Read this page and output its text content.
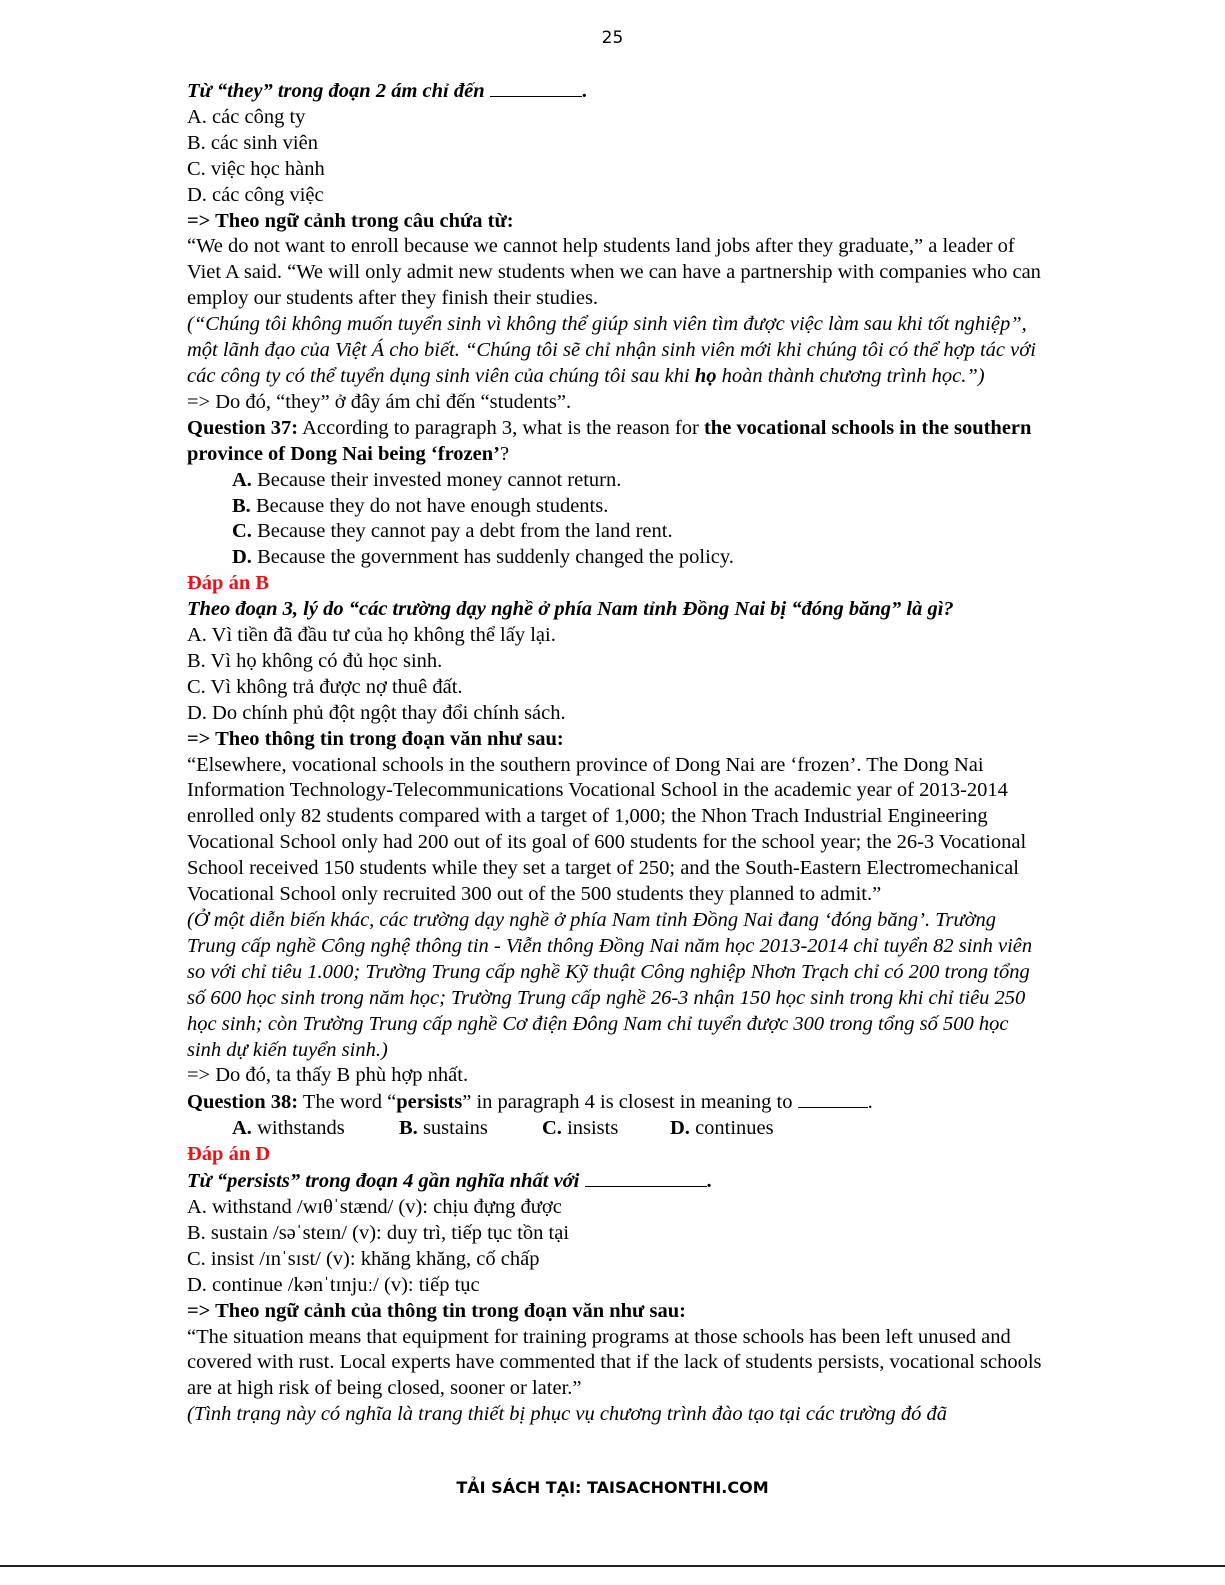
25

Từ “they” trong đoạn 2 ám chỉ đến	.

A. các công ty

B. các sinh viên

C. việc học hành

D. các công việc

=> Theo ngữ cảnh trong câu chứa từ:

“We do not want to enroll because we cannot help students land jobs after they graduate,” a leader of Viet A said. “We will only admit new students when we can have a partnership with companies who can employ our students after they finish their studies.

(“Chúng tôi không muốn tuyển sinh vì không thể giúp sinh viên tìm được việc làm sau khi tốt nghiệp”, một lãnh đạo của Việt Á cho biết. “Chúng tôi sẽ chỉ nhận sinh viên mới khi chúng tôi có thể hợp tác với các công ty có thể tuyển dụng sinh viên của chúng tôi sau khi họ hoàn thành chương trình học.”)

=> Do đó, “they” ở đây ám chỉ đến “students”.

Question 37: According to paragraph 3, what is the reason for the vocational schools in the southern province of Dong Nai being ‘frozen’?

A. Because their invested money cannot return.

B. Because they do not have enough students.

C. Because they cannot pay a debt from the land rent.

D. Because the government has suddenly changed the policy.

Đáp án B

Theo đoạn 3, lý do “các trường dạy nghề ở phía Nam tỉnh Đồng Nai bị “đóng băng” là gì?

A. Vì tiền đã đầu tư của họ không thể lấy lại.

B. Vì họ không có đủ học sinh.

C. Vì không trả được nợ thuê đất.

D. Do chính phủ đột ngột thay đổi chính sách.

=> Theo thông tin trong đoạn văn như sau:

“Elsewhere, vocational schools in the southern province of Dong Nai are ‘frozen’. The Dong Nai Information Technology-Telecommunications Vocational School in the academic year of 2013-2014 enrolled only 82 students compared with a target of 1,000; the Nhon Trach Industrial Engineering Vocational School only had 200 out of its goal of 600 students for the school year; the 26-3 Vocational School received 150 students while they set a target of 250; and the South-Eastern Electromechanical Vocational School only recruited 300 out of the 500 students they planned to admit.”

(Ở một diễn biến khác, các trường dạy nghề ở phía Nam tỉnh Đồng Nai đang ‘đóng băng’. Trường Trung cấp nghề Công nghệ thông tin - Viễn thông Đồng Nai năm học 2013-2014 chỉ tuyển 82 sinh viên so với chỉ tiêu 1.000; Trường Trung cấp nghề Kỹ thuật Công nghiệp Nhơn Trạch chỉ có 200 trong tổng số 600 học sinh trong năm học; Trường Trung cấp nghề 26-3 nhận 150 học sinh trong khi chỉ tiêu 250 học sinh; còn Trường Trung cấp nghề Cơ điện Đông Nam chỉ tuyển được 300 trong tổng số 500 học sinh dự kiến tuyển sinh.)

=> Do đó, ta thấy B phù hợp nhất.

Question 38: The word “persists” in paragraph 4 is closest in meaning to	.

A. withstands	B. sustains	C. insists	D. continues

Đáp án D

Từ “persists” trong đoạn 4 gần nghĩa nhất với	.

A. withstand /wɪθˈstænd/ (v): chịu đựng được

B. sustain /səˈsteɪn/ (v): duy trì, tiếp tục tồn tại

C. insist /ɪnˈsɪst/ (v): khăng khăng, cố chấp

D. continue /kənˈtɪnjuː/ (v): tiếp tục

=> Theo ngữ cảnh của thông tin trong đoạn văn như sau:

“The situation means that equipment for training programs at those schools has been left unused and covered with rust. Local experts have commented that if the lack of students persists, vocational schools are at high risk of being closed, sooner or later.”

(Tình trạng này có nghĩa là trang thiết bị phục vụ chương trình đào tạo tại các trường đó đã

TẢI SÁCH TẠI: TAISACHONTHI.COM
